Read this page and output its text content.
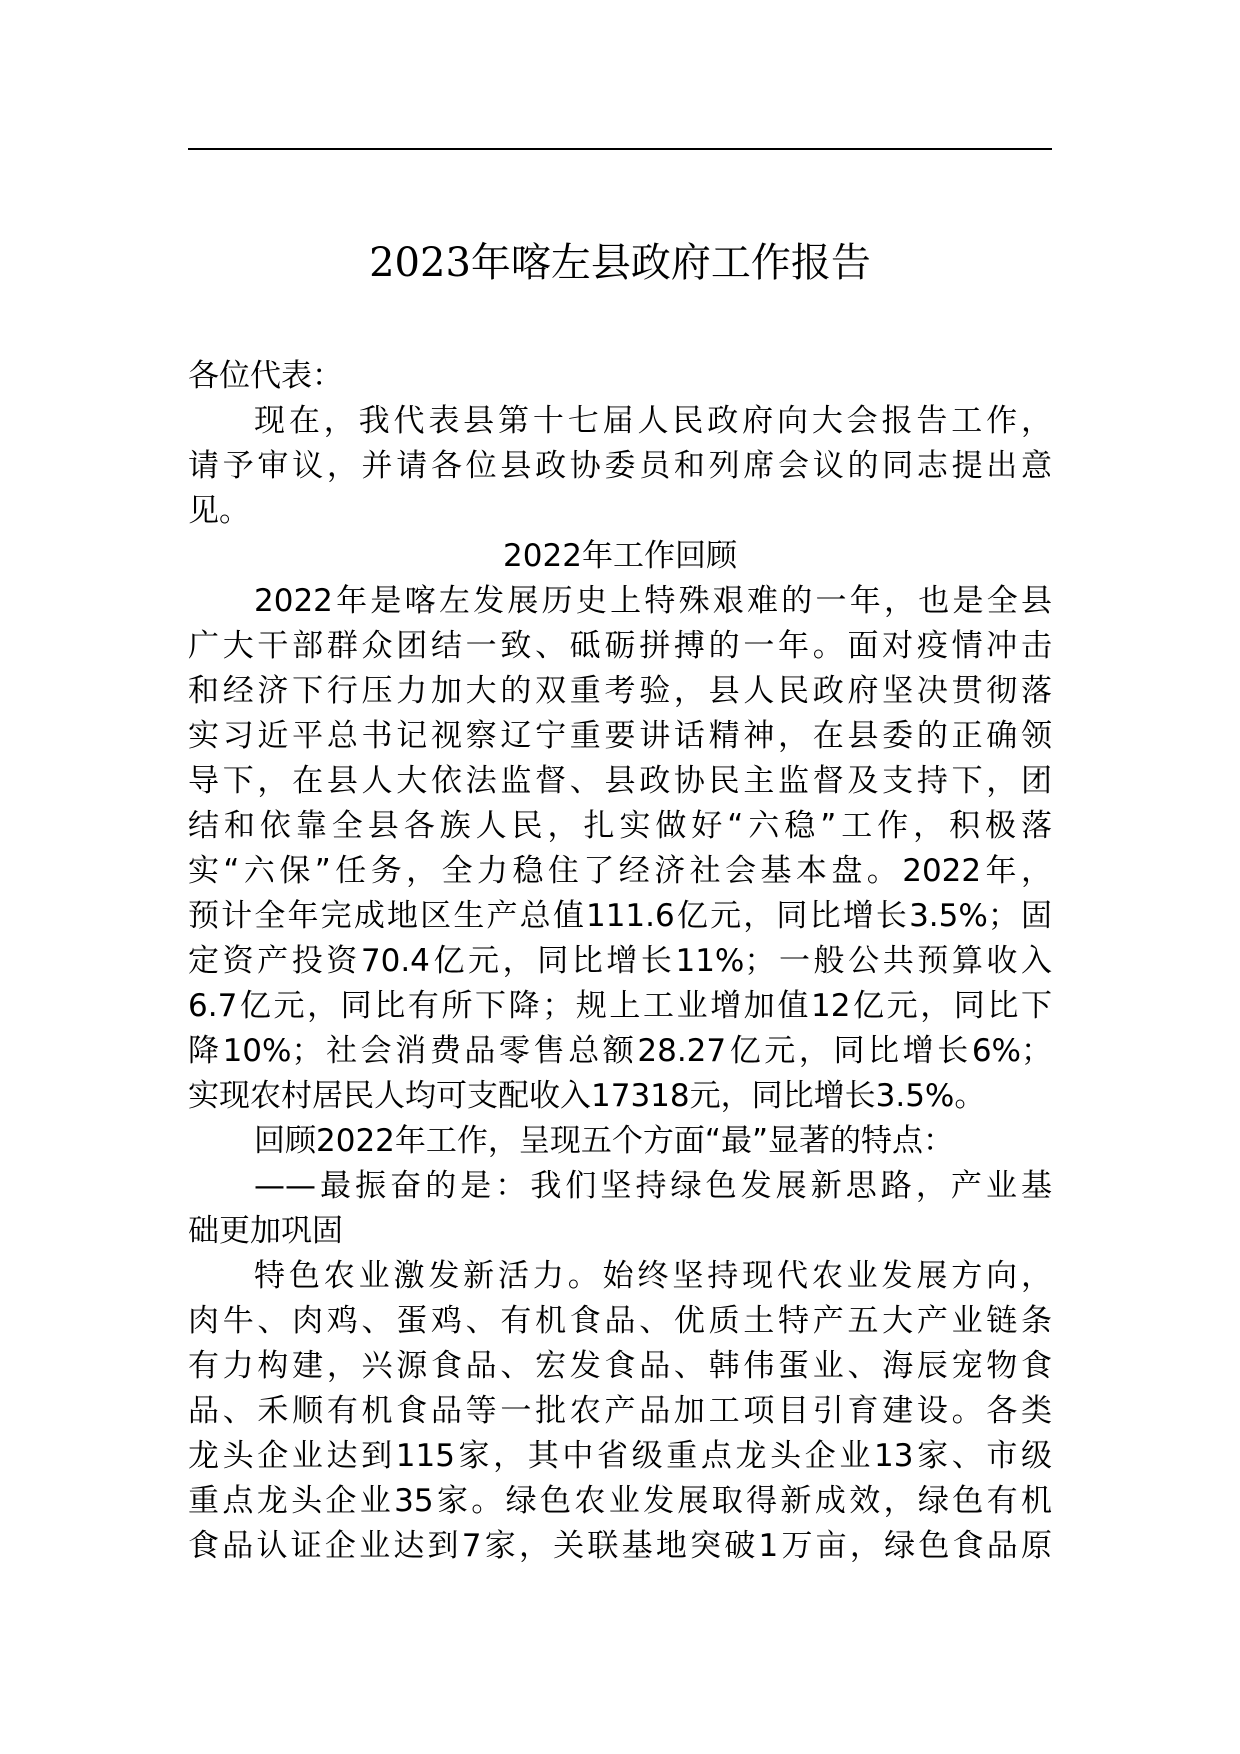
2023年喀左县政府工作报告
各位代表：
现在，我代表县第十七届人民政府向大会报告工作，
请予审议，并请各位县政协委员和列席会议的同志提出意
见。
2022年工作回顾
2022年是喀左发展历史上特殊艰难的一年，也是全县
广大干部群众团结一致、砥砺拼搏的一年。面对疫情冲击
和经济下行压力加大的双重考验，县人民政府坚决贯彻落
实习近平总书记视察辽宁重要讲话精神，在县委的正确领
导下，在县人大依法监督、县政协民主监督及支持下，团
结和依靠全县各族人民，扎实做好“六稳”工作，积极落
实“六保”任务，全力稳住了经济社会基本盘。2022年，
预计全年完成地区生产总值111.6亿元，同比增长3.5%；固
定资产投资70.4亿元，同比增长11%；一般公共预算收入
6.7亿元，同比有所下降；规上工业增加值12亿元，同比下
降10%；社会消费品零售总额28.27亿元，同比增长6%；
实现农村居民人均可支配收入17318元，同比增长3.5%。
回顾2022年工作，呈现五个方面“最”显著的特点：
——最振奋的是：我们坚持绿色发展新思路，产业基
础更加巩固
特色农业激发新活力。始终坚持现代农业发展方向，
肉牛、肉鸡、蛋鸡、有机食品、优质土特产五大产业链条
有力构建，兴源食品、宏发食品、韩伟蛋业、海辰宠物食
品、禾顺有机食品等一批农产品加工项目引育建设。各类
龙头企业达到115家，其中省级重点龙头企业13家、市级
重点龙头企业35家。绿色农业发展取得新成效，绿色有机
食品认证企业达到7家，关联基地突破1万亩，绿色食品原
